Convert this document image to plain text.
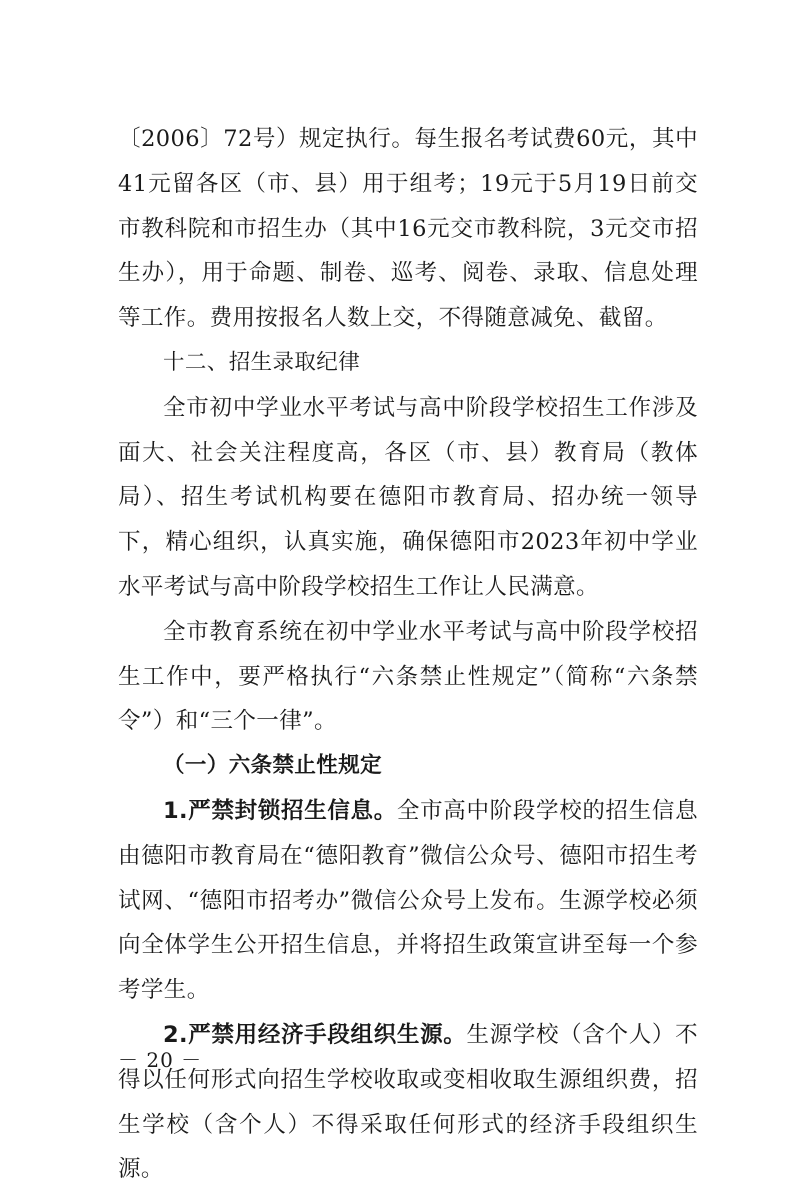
〔2006〕72号）规定执行。每生报名考试费60元，其中41元留各区（市、县）用于组考；19元于5月19日前交市教科院和市招生办（其中16元交市教科院，3元交市招生办），用于命题、制卷、巡考、阅卷、录取、信息处理等工作。费用按报名人数上交，不得随意减免、截留。

十二、招生录取纪律

全市初中学业水平考试与高中阶段学校招生工作涉及面大、社会关注程度高，各区（市、县）教育局（教体局）、招生考试机构要在德阳市教育局、招办统一领导下，精心组织，认真实施，确保德阳市2023年初中学业水平考试与高中阶段学校招生工作让人民满意。

全市教育系统在初中学业水平考试与高中阶段学校招生工作中，要严格执行“六条禁止性规定”（简称“六条禁令”）和“三个一律”。

（一）六条禁止性规定

1.严禁封锁招生信息。全市高中阶段学校的招生信息由德阳市教育局在“德阳教育”微信公众号、德阳市招生考试网、“德阳市招考办”微信公众号上发布。生源学校必须向全体学生公开招生信息，并将招生政策宣讲至每一个参考学生。

2.严禁用经济手段组织生源。生源学校（含个人）不得以任何形式向招生学校收取或变相收取生源组织费，招生学校（含个人）不得采取任何形式的经济手段组织生源。

－ 20 －
